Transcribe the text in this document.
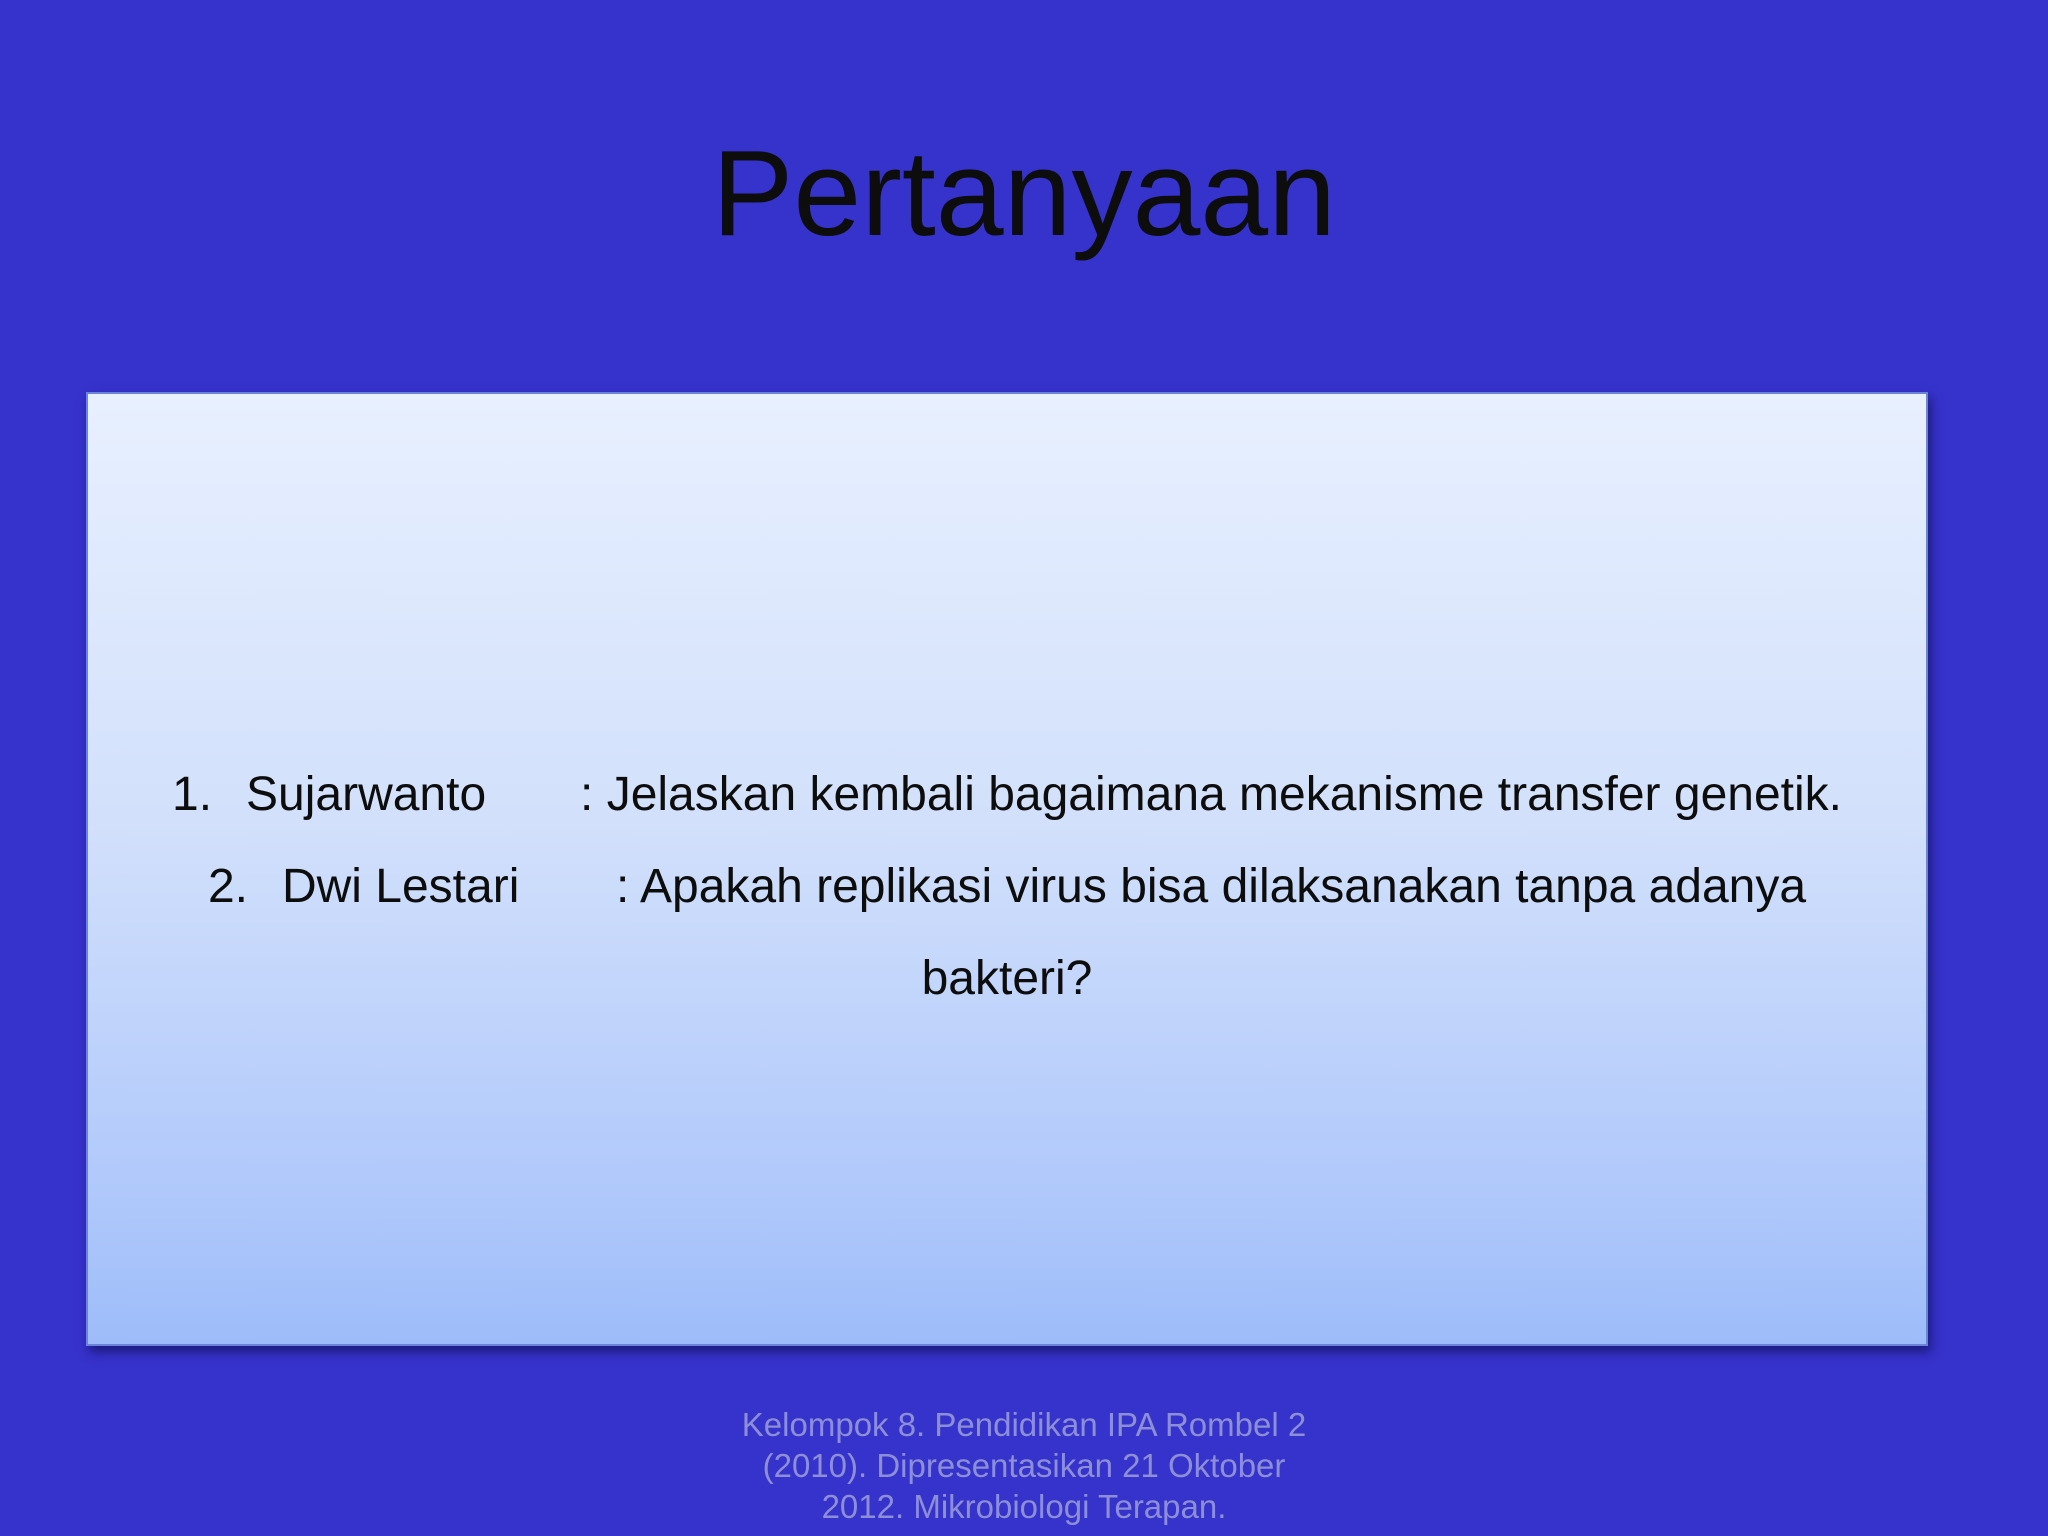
Pertanyaan
1. Sujarwanto : Jelaskan kembali bagaimana mekanisme transfer genetik.
2. Dwi Lestari : Apakah replikasi virus bisa dilaksanakan tanpa adanya
bakteri?
Kelompok 8. Pendidikan IPA Rombel 2
(2010). Dipresentasikan 21 Oktober
2012. Mikrobiologi Terapan.
